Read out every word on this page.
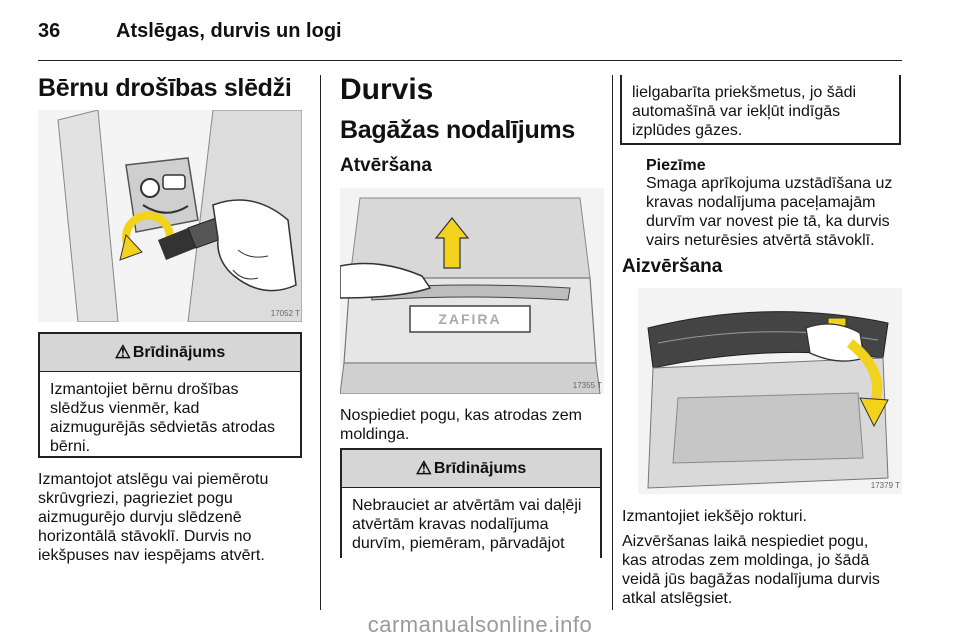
36	Atslēgas, durvis un logi
Bērnu drošības slēdži
17052 T
⚠ Brīdinājums
Izmantojiet bērnu drošības
slēdžus vienmēr, kad
aizmugurējās sēdvietās atrodas
bērni.
Izmantojot atslēgu vai piemērotu
skrūvgriezi, pagrieziet pogu
aizmugurējo durvju slēdzenē
horizontālā stāvoklī. Durvis no
iekšpuses nav iespējams atvērt.
Durvis
Bagāžas nodalījums
Atvēršana
ZAFIRA
17355 T
Nospiediet pogu, kas atrodas zem
moldinga.
⚠ Brīdinājums
Nebrauciet ar atvērtām vai daļēji
atvērtām kravas nodalījuma
durvīm, piemēram, pārvadājot
lielgabarīta priekšmetus, jo šādi
automašīnā var iekļūt indīgās
izplūdes gāzes.
Piezīme
Smaga aprīkojuma uzstādīšana uz
kravas nodalījuma paceļamajām
durvīm var novest pie tā, ka durvis
vairs neturēsies atvērtā stāvoklī.
Aizvēršana
17379 T
Izmantojiet iekšējo rokturi.
Aizvēršanas laikā nespiediet pogu,
kas atrodas zem moldinga, jo šādā
veidā jūs bagāžas nodalījuma durvis
atkal atslēgsiet.
carmanualsonline.info
